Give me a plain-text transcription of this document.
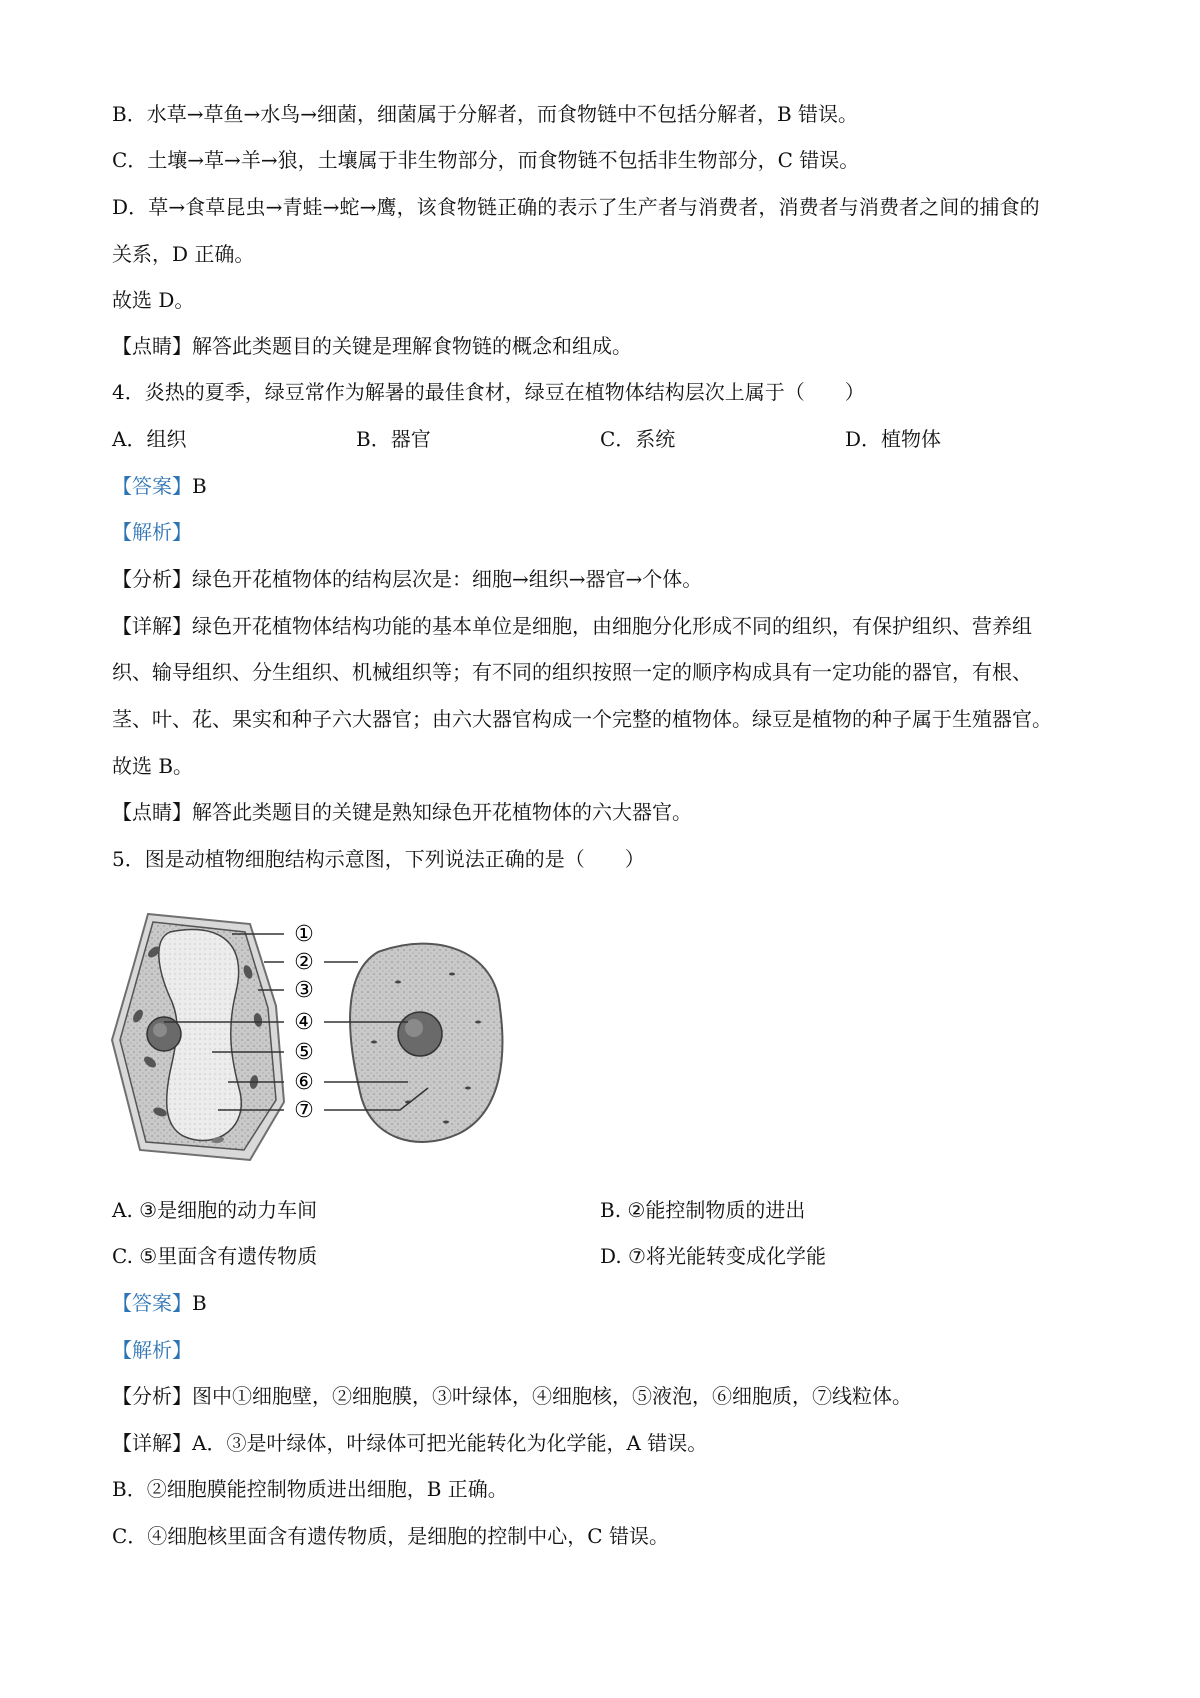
B．水草→草鱼→水鸟→细菌，细菌属于分解者，而食物链中不包括分解者，B 错误。
C．土壤→草→羊→狼，土壤属于非生物部分，而食物链不包括非生物部分，C 错误。
D．草→食草昆虫→青蛙→蛇→鹰，该食物链正确的表示了生产者与消费者，消费者与消费者之间的捕食的
关系，D 正确。
故选 D。
【点睛】解答此类题目的关键是理解食物链的概念和组成。
4．炎热的夏季，绿豆常作为解暑的最佳食材，绿豆在植物体结构层次上属于（　　）
A．组织	B．器官	C．系统	D．植物体
【答案】B
【解析】
【分析】绿色开花植物体的结构层次是：细胞→组织→器官→个体。
【详解】绿色开花植物体结构功能的基本单位是细胞，由细胞分化形成不同的组织，有保护组织、营养组
织、输导组织、分生组织、机械组织等；有不同的组织按照一定的顺序构成具有一定功能的器官，有根、
茎、叶、花、果实和种子六大器官；由六大器官构成一个完整的植物体。绿豆是植物的种子属于生殖器官。
故选 B。
【点睛】解答此类题目的关键是熟知绿色开花植物体的六大器官。
5．图是动植物细胞结构示意图，下列说法正确的是（　　）
①
②
③
④
⑤
⑥
⑦
A. ③是细胞的动力车间	B. ②能控制物质的进出
C. ⑤里面含有遗传物质	D. ⑦将光能转变成化学能
【答案】B
【解析】
【分析】图中①细胞壁，②细胞膜，③叶绿体，④细胞核，⑤液泡，⑥细胞质，⑦线粒体。
【详解】A．③是叶绿体，叶绿体可把光能转化为化学能，A 错误。
B．②细胞膜能控制物质进出细胞，B 正确。
C．④细胞核里面含有遗传物质，是细胞的控制中心，C 错误。
